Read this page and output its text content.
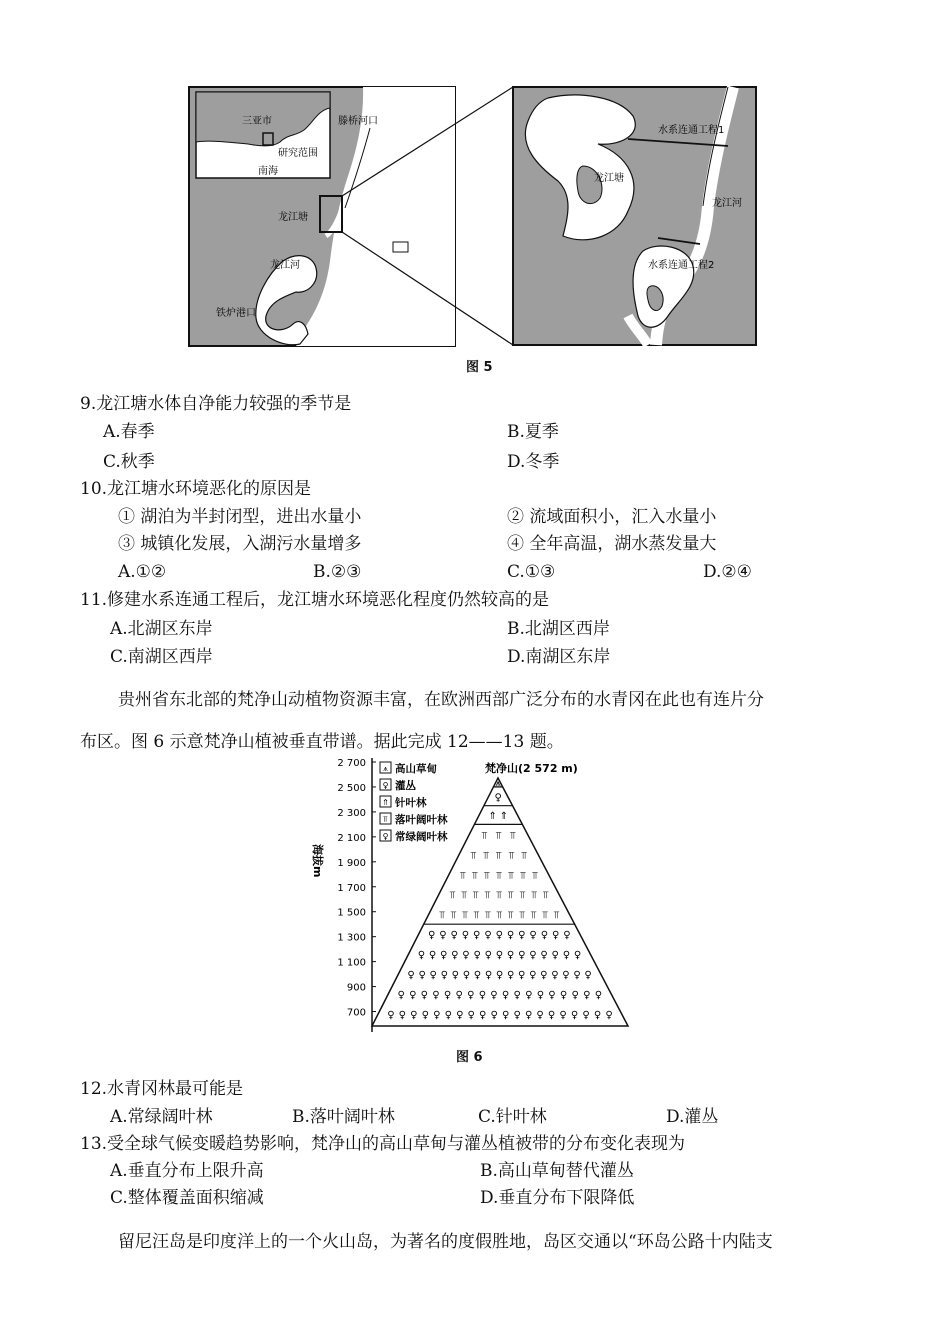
三亚市
研究范围
南海
滕桥河口
龙江塘
龙江河
铁炉港口
水系连通工程1
龙江塘
龙江河
水系连通工程2
图 5
9.龙江塘水体自净能力较强的季节是
A.春季	B.夏季
C.秋季	D.冬季
10.龙江塘水环境恶化的原因是
① 湖泊为半封闭型，进出水量小	② 流域面积小，汇入水量小
③ 城镇化发展，入湖污水量增多	④ 全年高温，湖水蒸发量大
A.①②	B.②③	C.①③	D.②④
11.修建水系连通工程后，龙江塘水环境恶化程度仍然较高的是
A.北湖区东岸	B.北湖区西岸
C.南湖区西岸	D.南湖区东岸
贵州省东北部的梵净山动植物资源丰富，在欧洲西部广泛分布的水青冈在此也有连片分
布区。图 6 示意梵净山植被垂直带谱。据此完成 12——13 题。
海拔m
2 700
2 500
2 300
2 100
1 900
1 700
1 500
1 300
1 100
900
700
⩚ 高山草甸
♀ 灌丛
⇑ 针叶林
⫪ 落叶阔叶林
♀ 常绿阔叶林
梵净山(2 572 m)
⩚
♀
⇑ ⇑
⫪ ⫪ ⫪
⫪ ⫪ ⫪ ⫪ ⫪
⫪ ⫪ ⫪ ⫪ ⫪ ⫪ ⫪
⫪ ⫪ ⫪ ⫪ ⫪ ⫪ ⫪ ⫪ ⫪
⫪ ⫪ ⫪ ⫪ ⫪ ⫪ ⫪ ⫪ ⫪ ⫪ ⫪
♀ ♀ ♀ ♀ ♀ ♀ ♀ ♀ ♀ ♀ ♀ ♀ ♀
♀ ♀ ♀ ♀ ♀ ♀ ♀ ♀ ♀ ♀ ♀ ♀ ♀ ♀ ♀
♀ ♀ ♀ ♀ ♀ ♀ ♀ ♀ ♀ ♀ ♀ ♀ ♀ ♀ ♀ ♀ ♀
♀ ♀ ♀ ♀ ♀ ♀ ♀ ♀ ♀ ♀ ♀ ♀ ♀ ♀ ♀ ♀ ♀ ♀
♀ ♀ ♀ ♀ ♀ ♀ ♀ ♀ ♀ ♀ ♀ ♀ ♀ ♀ ♀ ♀ ♀ ♀ ♀ ♀
图 6
12.水青冈林最可能是
A.常绿阔叶林	B.落叶阔叶林	C.针叶林	D.灌丛
13.受全球气候变暖趋势影响，梵净山的高山草甸与灌丛植被带的分布变化表现为
A.垂直分布上限升高	B.高山草甸替代灌丛
C.整体覆盖面积缩减	D.垂直分布下限降低
留尼汪岛是印度洋上的一个火山岛，为著名的度假胜地，岛区交通以“环岛公路十内陆支
